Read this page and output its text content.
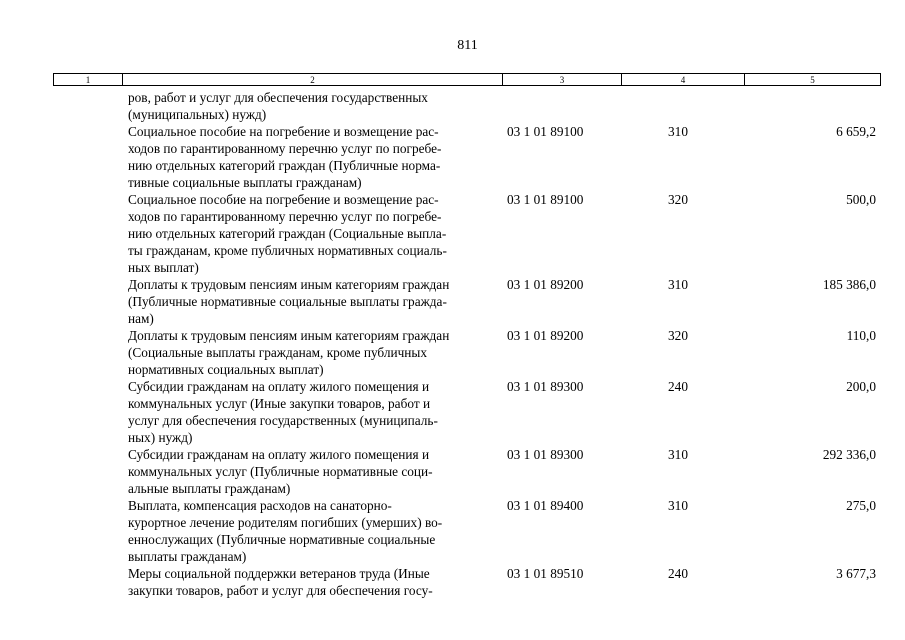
811
1	2	3	4	5
ров, работ и услуг для обеспечения государственных
(муниципальных) нужд)
Социальное пособие на погребение и возмещение рас-
ходов по гарантированному перечню услуг по погребе-
нию отдельных категорий граждан (Публичные норма-
тивные социальные выплаты гражданам)
03 1 01 89100	310	6 659,2
Социальное пособие на погребение и возмещение рас-
ходов по гарантированному перечню услуг по погребе-
нию отдельных категорий граждан (Социальные выпла-
ты гражданам, кроме публичных нормативных социаль-
ных выплат)
03 1 01 89100	320	500,0
Доплаты к трудовым пенсиям иным категориям граждан
(Публичные нормативные социальные выплаты гражда-
нам)
03 1 01 89200	310	185 386,0
Доплаты к трудовым пенсиям иным категориям граждан
(Социальные выплаты гражданам, кроме публичных
нормативных социальных выплат)
03 1 01 89200	320	110,0
Субсидии гражданам на оплату жилого помещения и
коммунальных услуг (Иные закупки товаров, работ и
услуг для обеспечения государственных (муниципаль-
ных) нужд)
03 1 01 89300	240	200,0
Субсидии гражданам на оплату жилого помещения и
коммунальных услуг (Публичные нормативные соци-
альные выплаты гражданам)
03 1 01 89300	310	292 336,0
Выплата, компенсация расходов на санаторно-
курортное лечение родителям погибших (умерших) во-
еннослужащих (Публичные нормативные социальные
выплаты гражданам)
03 1 01 89400	310	275,0
Меры социальной поддержки ветеранов труда (Иные
закупки товаров, работ и услуг для обеспечения госу-
03 1 01 89510	240	3 677,3
